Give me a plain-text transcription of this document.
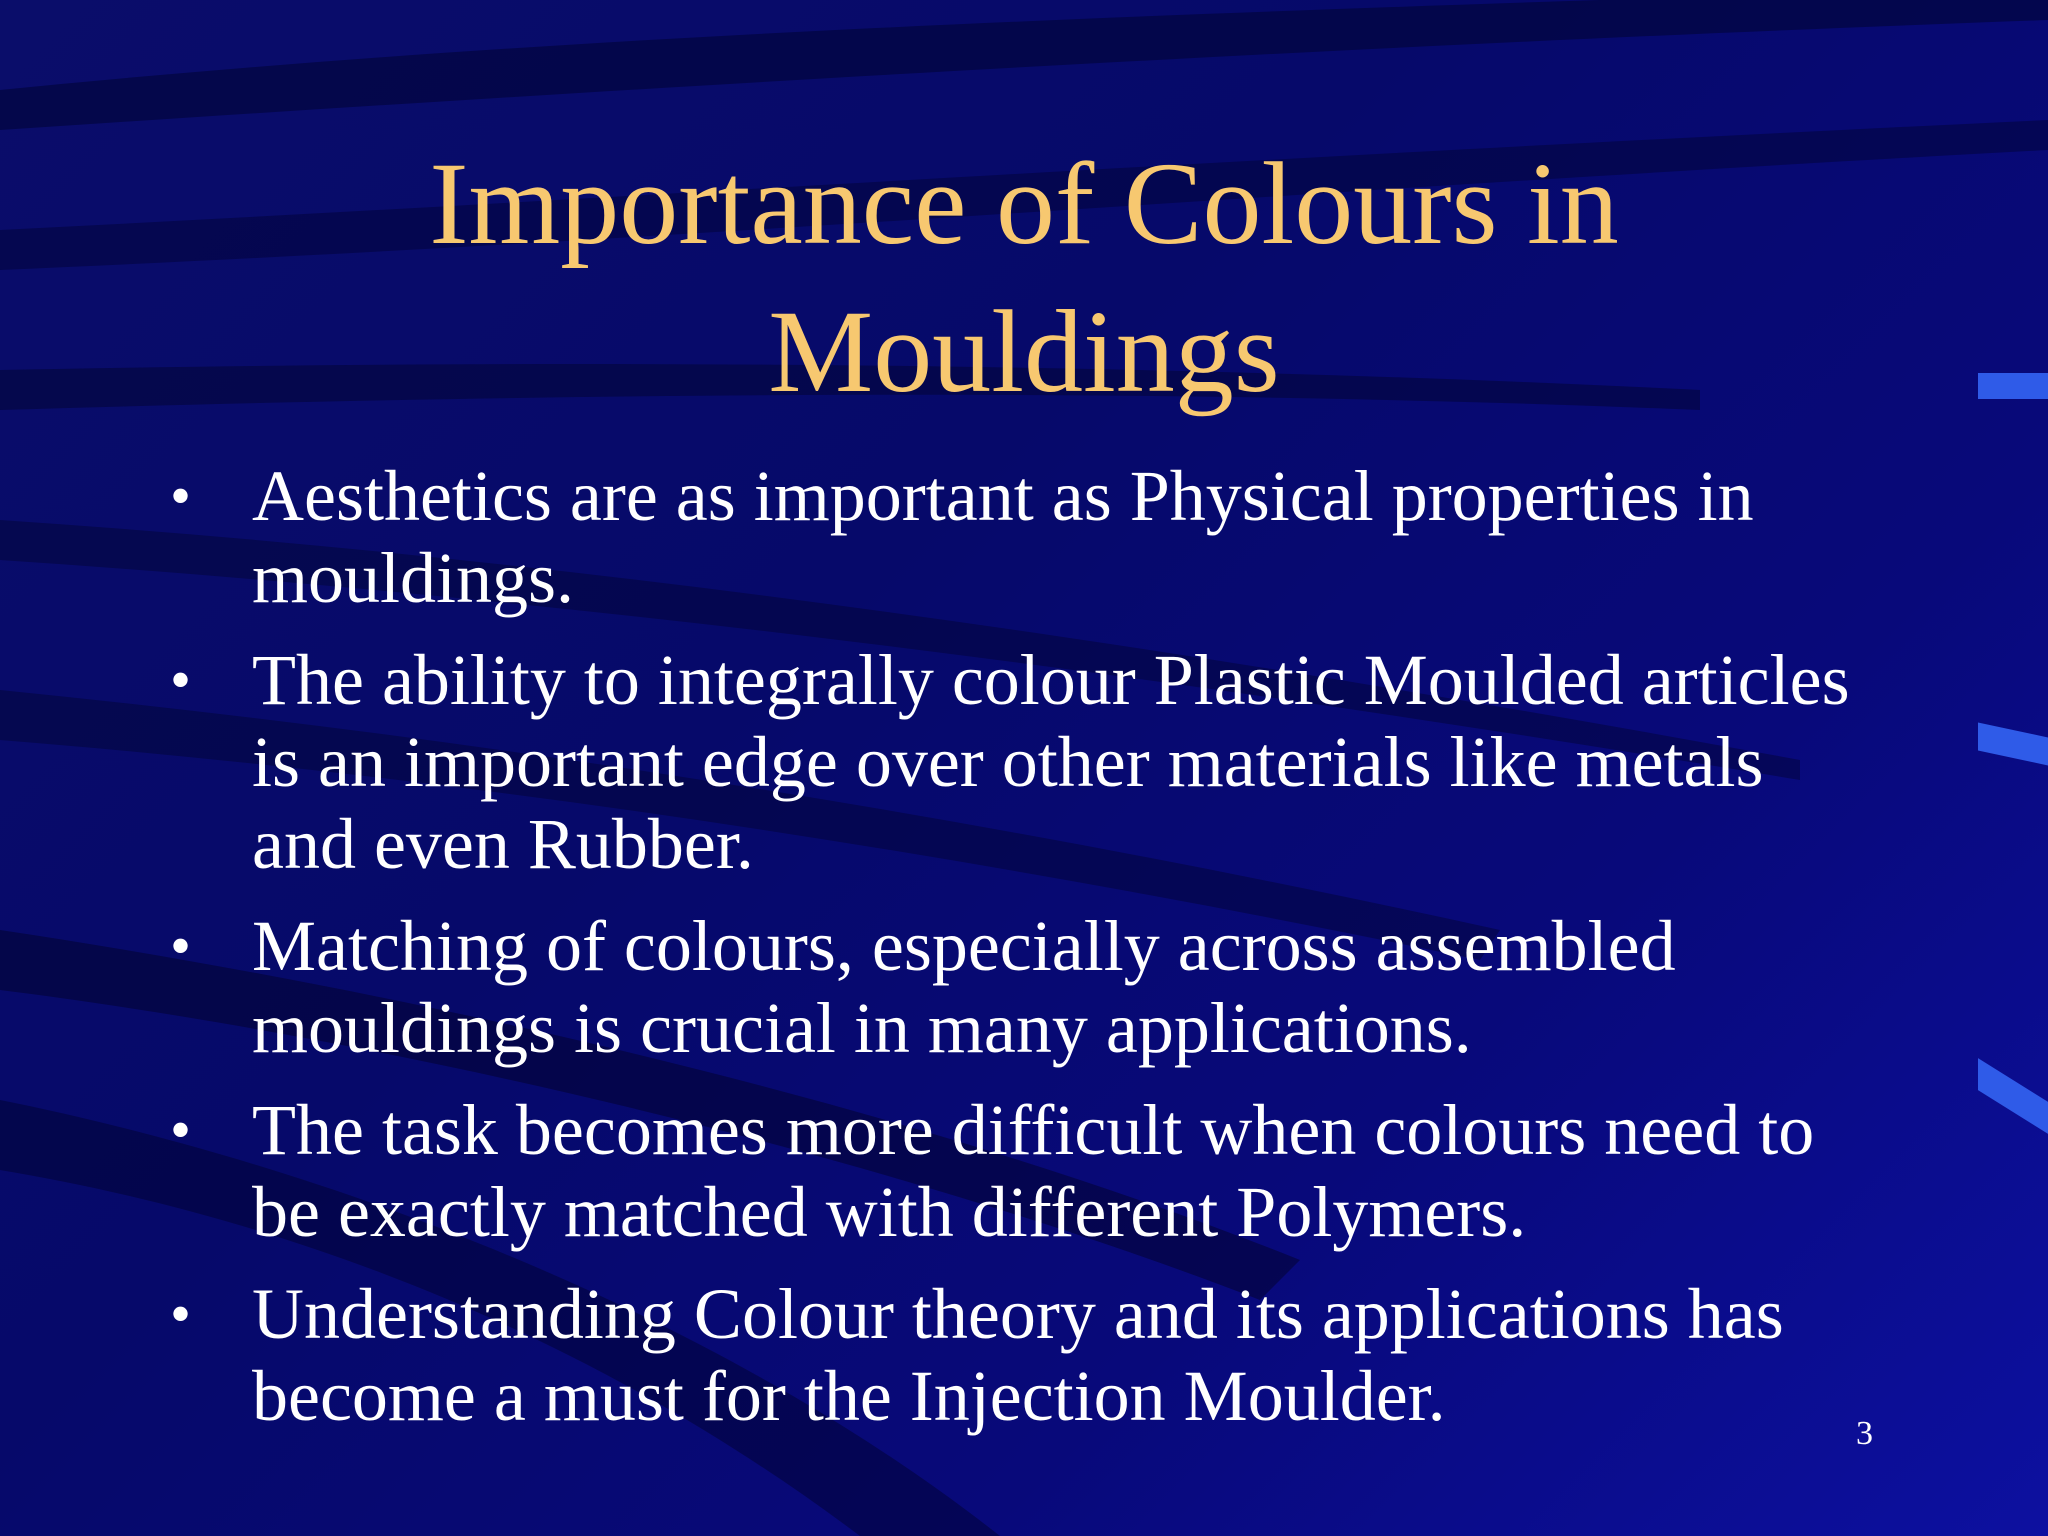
Importance of Colours in
Mouldings
• Aesthetics are as important as Physical properties in mouldings.
• The ability to integrally colour Plastic Moulded articles is an important edge over other materials like metals and even Rubber.
• Matching of colours, especially across assembled mouldings is crucial in many applications.
• The task becomes more difficult when colours need to be exactly matched with different Polymers.
• Understanding Colour theory and its applications has become a must for the Injection Moulder.	3
